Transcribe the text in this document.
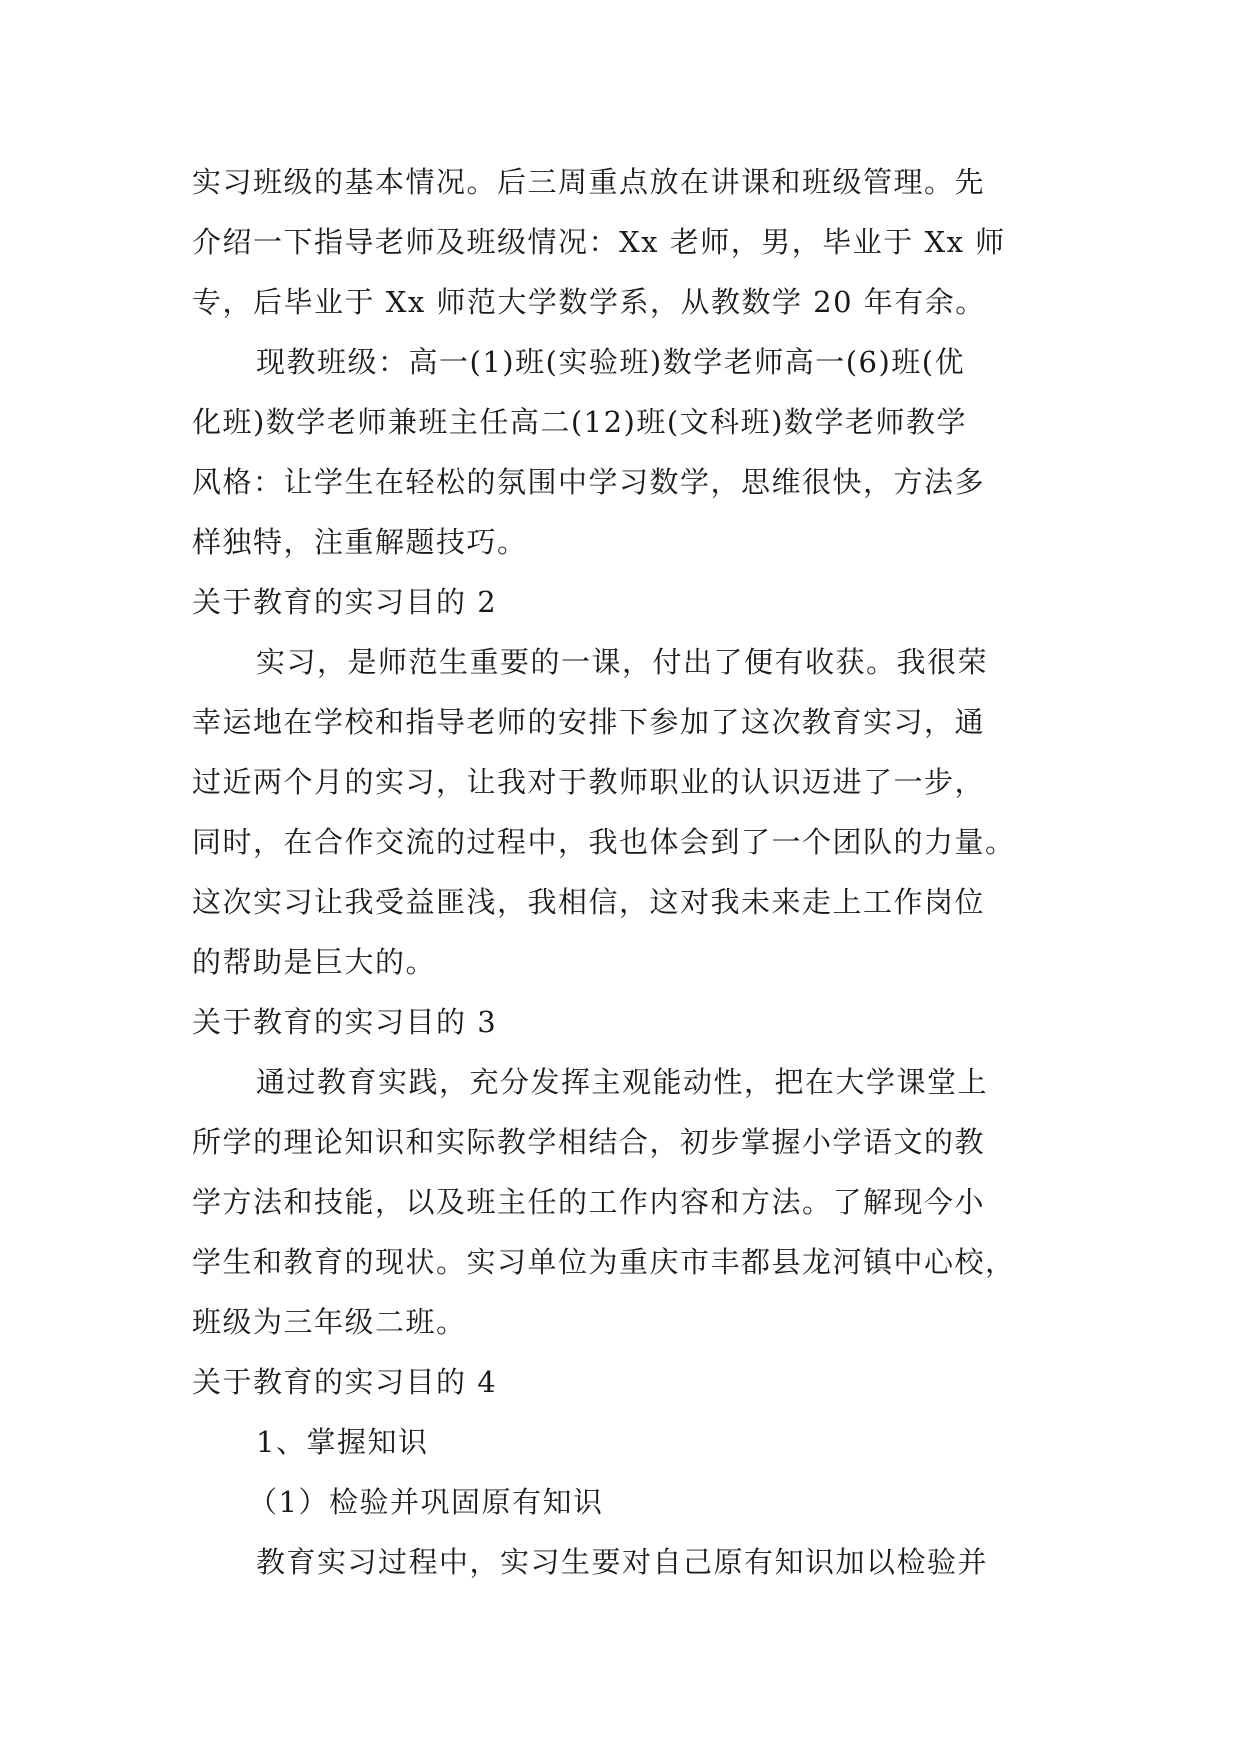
实习班级的基本情况。后三周重点放在讲课和班级管理。先
介绍一下指导老师及班级情况：Xx 老师，男，毕业于 Xx 师
专，后毕业于 Xx 师范大学数学系，从教数学 20 年有余。
现教班级：高一(1)班(实验班)数学老师高一(6)班(优
化班)数学老师兼班主任高二(12)班(文科班)数学老师教学
风格：让学生在轻松的氛围中学习数学，思维很快，方法多
样独特，注重解题技巧。
关于教育的实习目的 2
实习，是师范生重要的一课，付出了便有收获。我很荣
幸运地在学校和指导老师的安排下参加了这次教育实习，通
过近两个月的实习，让我对于教师职业的认识迈进了一步，
同时，在合作交流的过程中，我也体会到了一个团队的力量。
这次实习让我受益匪浅，我相信，这对我未来走上工作岗位
的帮助是巨大的。
关于教育的实习目的 3
通过教育实践，充分发挥主观能动性，把在大学课堂上
所学的理论知识和实际教学相结合，初步掌握小学语文的教
学方法和技能，以及班主任的工作内容和方法。了解现今小
学生和教育的现状。实习单位为重庆市丰都县龙河镇中心校，
班级为三年级二班。
关于教育的实习目的 4
1、掌握知识
（1）检验并巩固原有知识
教育实习过程中，实习生要对自己原有知识加以检验并
